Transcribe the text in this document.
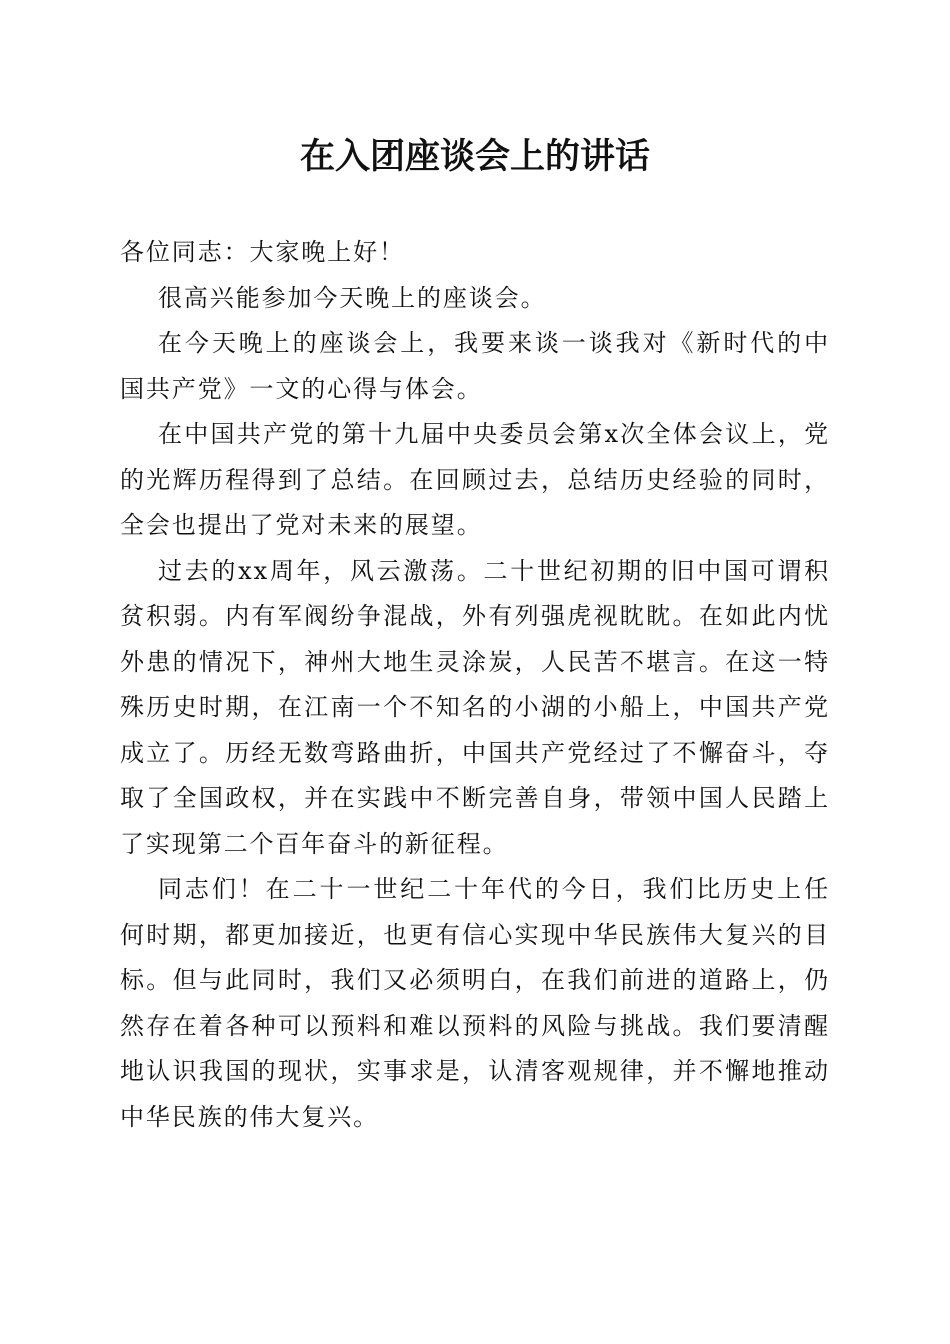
在入团座谈会上的讲话

各位同志：大家晚上好！

很高兴能参加今天晚上的座谈会。

在今天晚上的座谈会上，我要来谈一谈我对《新时代的中国共产党》一文的心得与体会。

在中国共产党的第十九届中央委员会第x次全体会议上，党的光辉历程得到了总结。在回顾过去，总结历史经验的同时，全会也提出了党对未来的展望。

过去的xx周年，风云激荡。二十世纪初期的旧中国可谓积贫积弱。内有军阀纷争混战，外有列强虎视眈眈。在如此内忧外患的情况下，神州大地生灵涂炭，人民苦不堪言。在这一特殊历史时期，在江南一个不知名的小湖的小船上，中国共产党成立了。历经无数弯路曲折，中国共产党经过了不懈奋斗，夺取了全国政权，并在实践中不断完善自身，带领中国人民踏上了实现第二个百年奋斗的新征程。

同志们！在二十一世纪二十年代的今日，我们比历史上任何时期，都更加接近，也更有信心实现中华民族伟大复兴的目标。但与此同时，我们又必须明白，在我们前进的道路上，仍然存在着各种可以预料和难以预料的风险与挑战。我们要清醒地认识我国的现状，实事求是，认清客观规律，并不懈地推动中华民族的伟大复兴。
